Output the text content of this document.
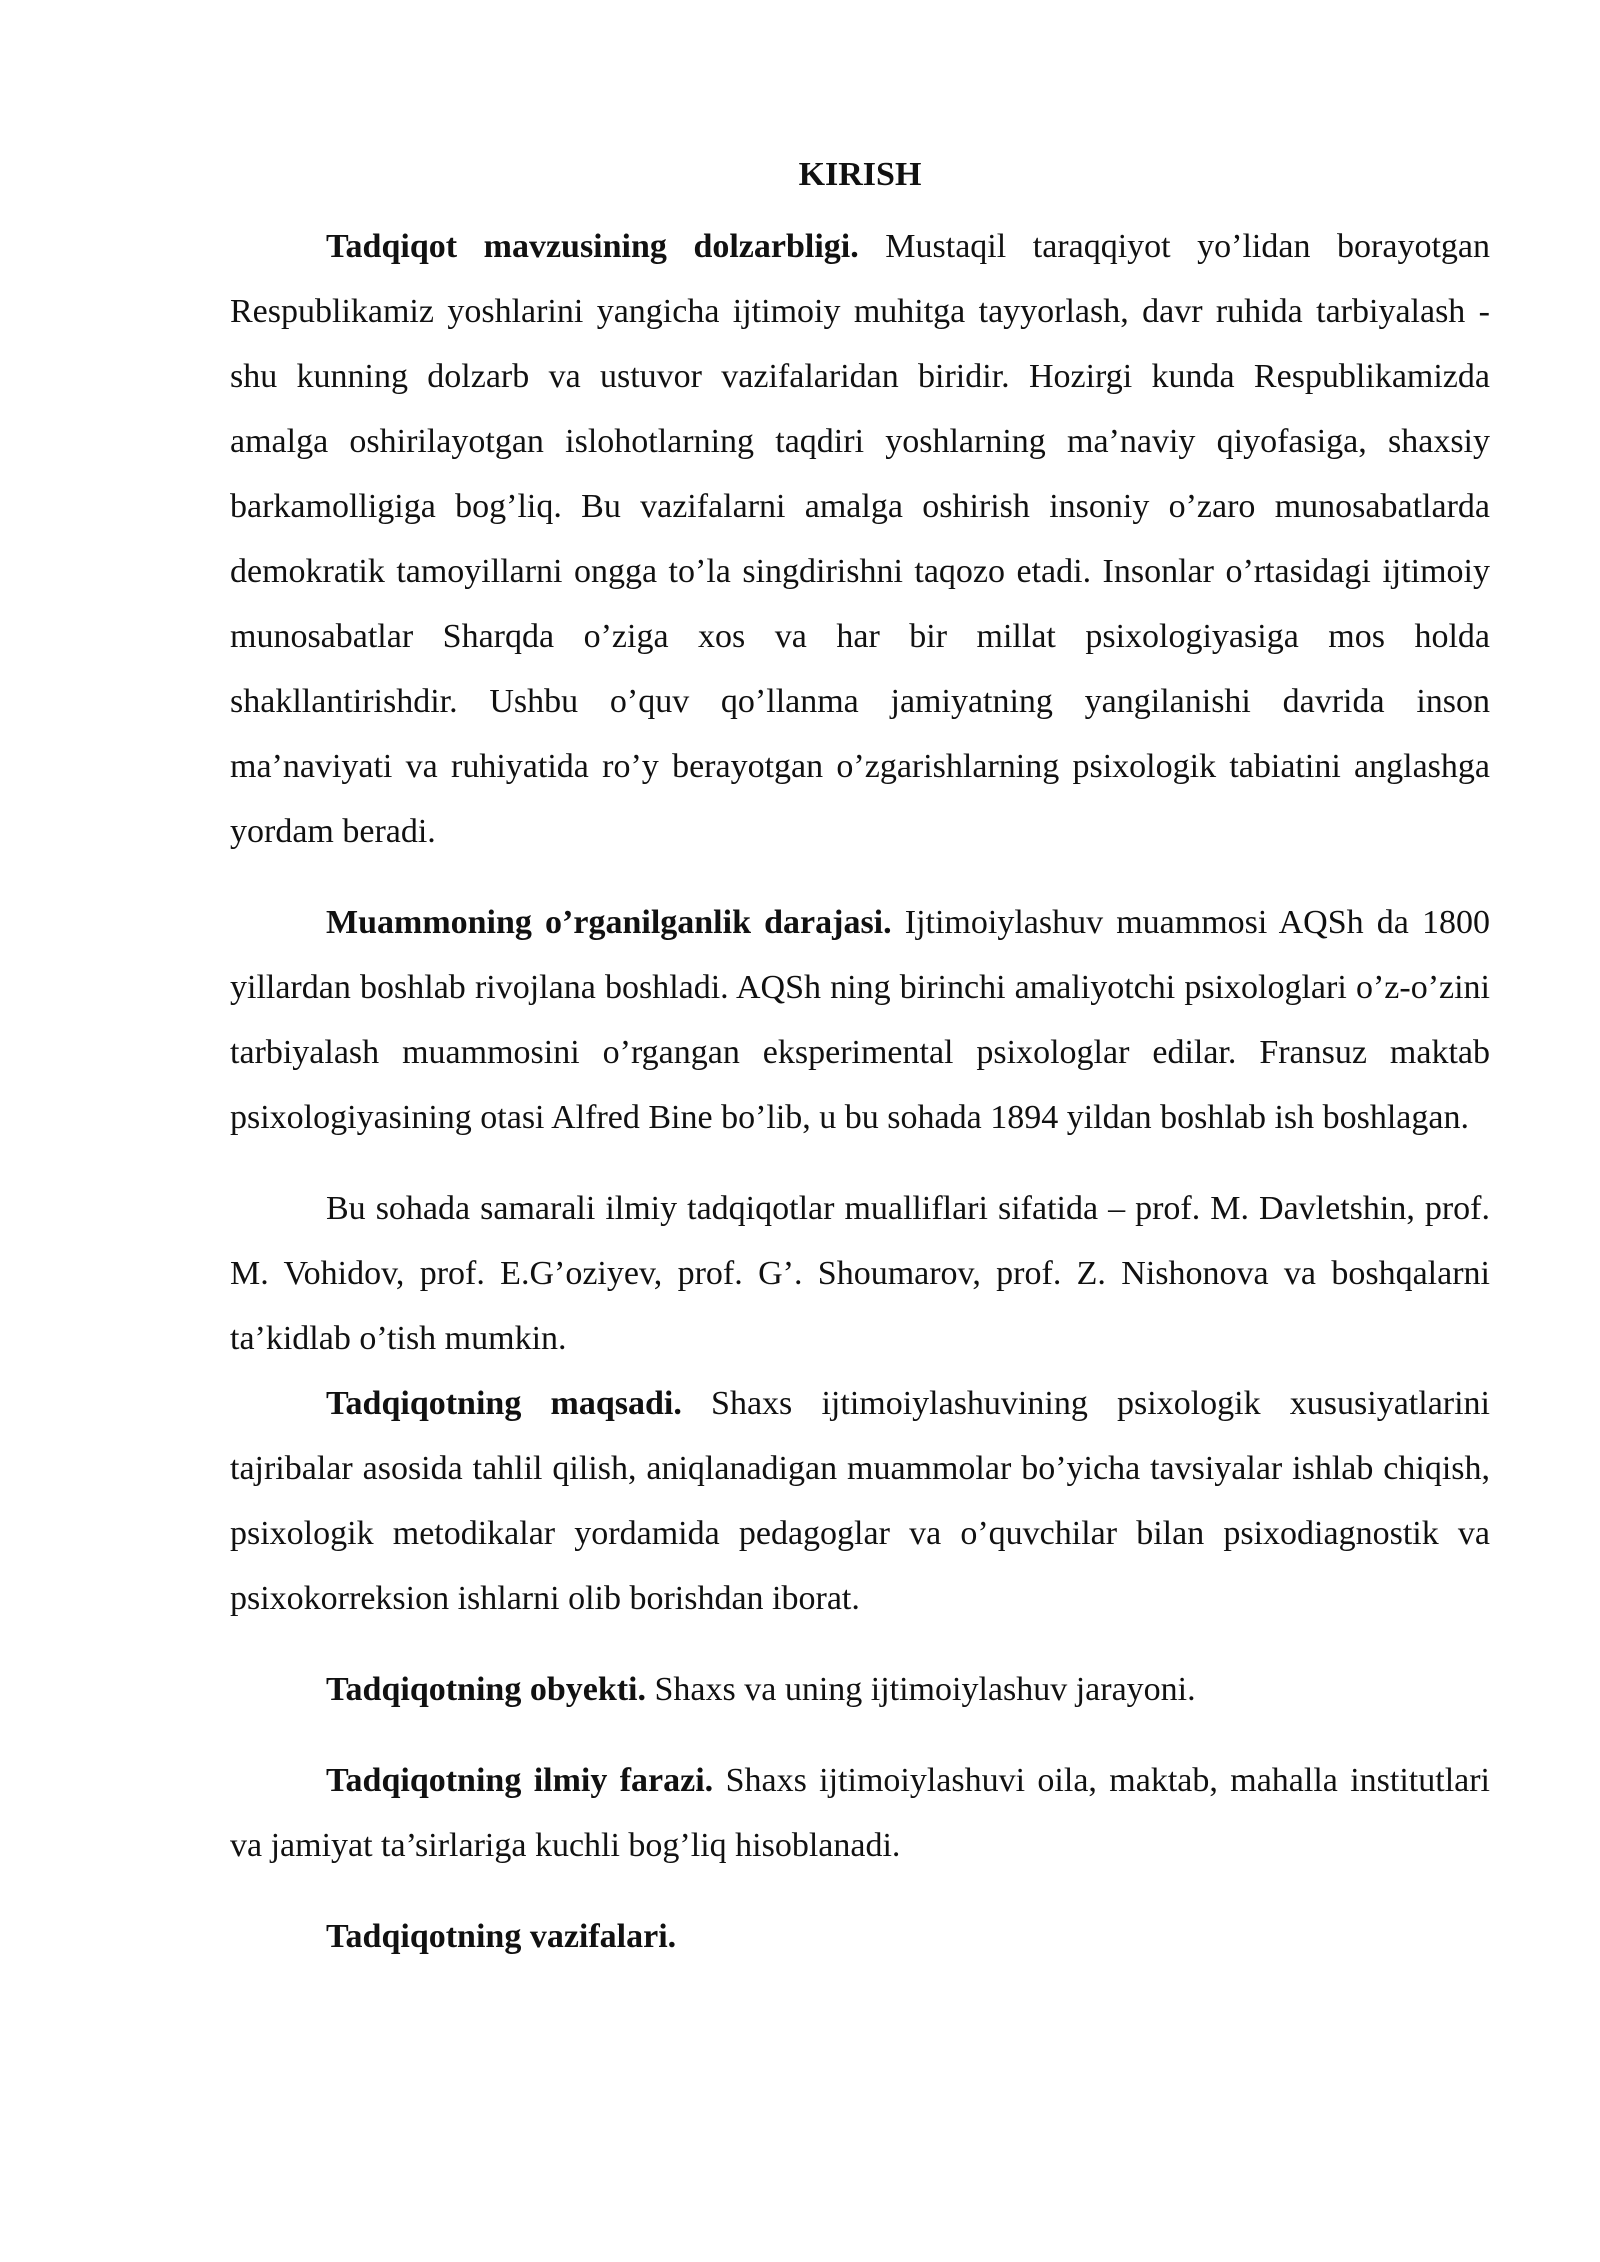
KIRISH

Tadqiqot mavzusining dolzarbligi. Mustaqil taraqqiyot yo’lidan borayotgan Respublikamiz yoshlarini yangicha ijtimoiy muhitga tayyorlash, davr ruhida tarbiyalash - shu kunning dolzarb va ustuvor vazifalaridan biridir. Hozirgi kunda Respublikamizda amalga oshirilayotgan islohotlarning taqdiri yoshlarning ma’naviy qiyofasiga, shaxsiy barkamolligiga bog’liq. Bu vazifalarni amalga oshirish insoniy o’zaro munosabatlarda demokratik tamoyillarni ongga to’la singdirishni taqozo etadi. Insonlar o’rtasidagi ijtimoiy munosabatlar Sharqda o’ziga xos va har bir millat psixologiyasiga mos holda shakllantirishdir. Ushbu o’quv qo’llanma jamiyatning yangilanishi davrida inson ma’naviyati va ruhiyatida ro’y berayotgan o’zgarishlarning psixologik tabiatini anglashga yordam beradi.

Muammoning o’rganilganlik darajasi. Ijtimoiylashuv muammosi AQSh da 1800 yillardan boshlab rivojlana boshladi. AQSh ning birinchi amaliyotchi psixologlari o’z-o’zini tarbiyalash muammosini o’rgangan eksperimental psixologlar edilar. Fransuz maktab psixologiyasining otasi Alfred Bine bo’lib, u bu sohada 1894 yildan boshlab ish boshlagan.

Bu sohada samarali ilmiy tadqiqotlar mualliflari sifatida – prof. M. Davletshin, prof. M. Vohidov, prof. E.G’oziyev, prof. G’. Shoumarov, prof. Z. Nishonova va boshqalarni ta’kidlab o’tish mumkin.

Tadqiqotning maqsadi. Shaxs ijtimoiylashuvining psixologik xususiyatlarini tajribalar asosida tahlil qilish, aniqlanadigan muammolar bo’yicha tavsiyalar ishlab chiqish, psixologik metodikalar yordamida pedagoglar va o’quvchilar bilan psixodiagnostik va psixokorreksion ishlarni olib borishdan iborat.

Tadqiqotning obyekti. Shaxs va uning ijtimoiylashuv jarayoni.

Tadqiqotning ilmiy farazi. Shaxs ijtimoiylashuvi oila, maktab, mahalla institutlari va jamiyat ta’sirlariga kuchli bog’liq hisoblanadi.

Tadqiqotning vazifalari.
